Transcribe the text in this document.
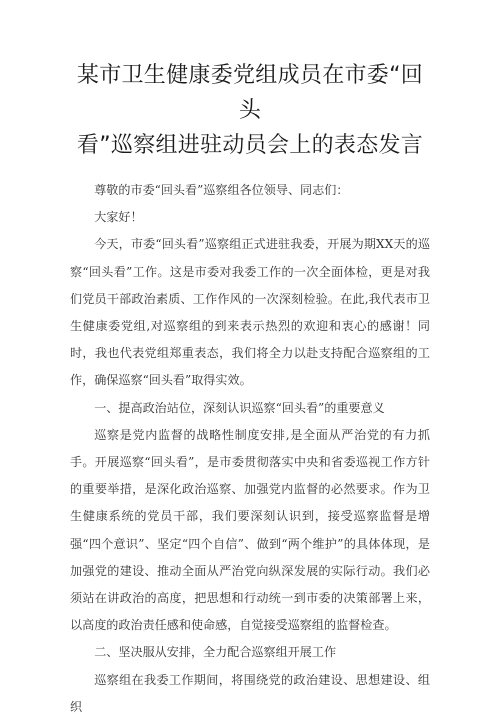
某市卫生健康委党组成员在市委“回头
看”巡察组进驻动员会上的表态发言

尊敬的市委“回头看”巡察组各位领导、同志们：

大家好！

今天，市委“回头看”巡察组正式进驻我委，开展为期XX天的巡察“回头看”工作。这是市委对我委工作的一次全面体检，更是对我们党员干部政治素质、工作作风的一次深刻检验。在此,我代表市卫生健康委党组,对巡察组的到来表示热烈的欢迎和衷心的感谢！同时，我也代表党组郑重表态，我们将全力以赴支持配合巡察组的工作，确保巡察“回头看”取得实效。

一、提高政治站位，深刻认识巡察“回头看”的重要意义

巡察是党内监督的战略性制度安排,是全面从严治党的有力抓手。开展巡察“回头看”，是市委贯彻落实中央和省委巡视工作方针的重要举措，是深化政治巡察、加强党内监督的必然要求。作为卫生健康系统的党员干部，我们要深刻认识到，接受巡察监督是增强“四个意识”、坚定“四个自信”、做到“两个维护”的具体体现，是加强党的建设、推动全面从严治党向纵深发展的实际行动。我们必须站在讲政治的高度，把思想和行动统一到市委的决策部署上来，以高度的政治责任感和使命感，自觉接受巡察组的监督检查。

二、坚决服从安排，全力配合巡察组开展工作

巡察组在我委工作期间，将围绕党的政治建设、思想建设、组织
